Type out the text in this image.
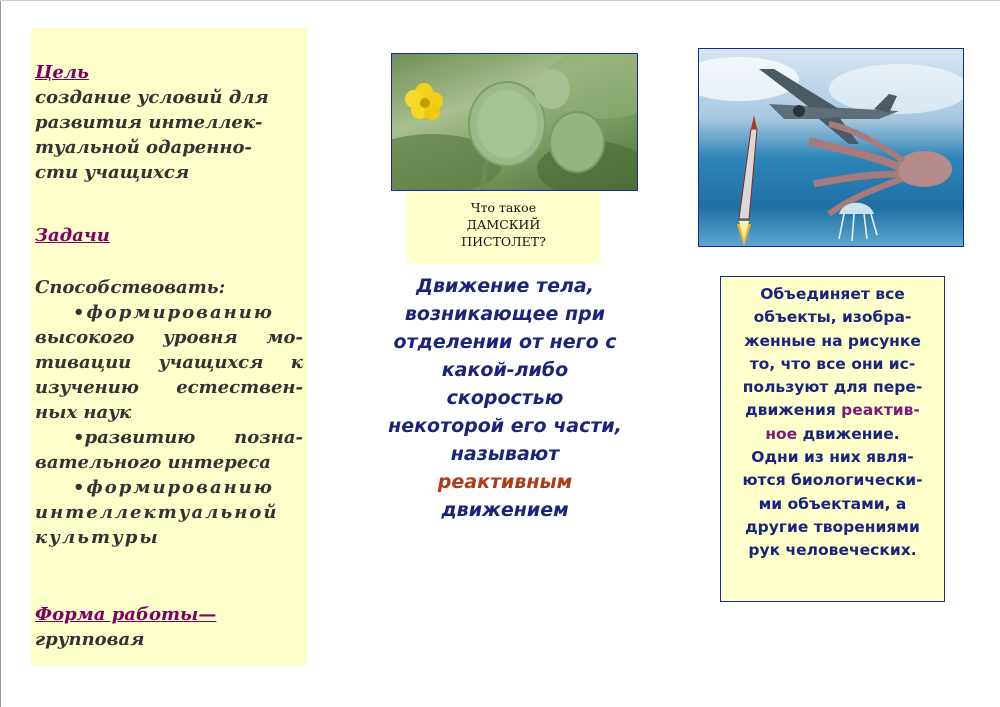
Цель
создание условий для
развития интеллек-
туальной одаренно-
сти учащихся
Задачи
Способствовать:
•формированию
высокого уровня мо-
тивации учащихся к
изучению естествен-
ных наук
•развитию позна-
вательного интереса
•формированию
интеллектуальной
культуры
Форма работы—
групповая
Что такое
ДАМСКИЙ
ПИСТОЛЕТ?
Движение тела,
возникающее при
отделении от него с
какой-либо
скоростью
некоторой его части,
называют
реактивным
движением
Объединяет все
объекты, изобра-
женные на рисунке
то, что все они ис-
пользуют для пере-
движения реактив-
ное движение.
Одни из них явля-
ются биологически-
ми объектами, а
другие творениями
рук человеческих.
